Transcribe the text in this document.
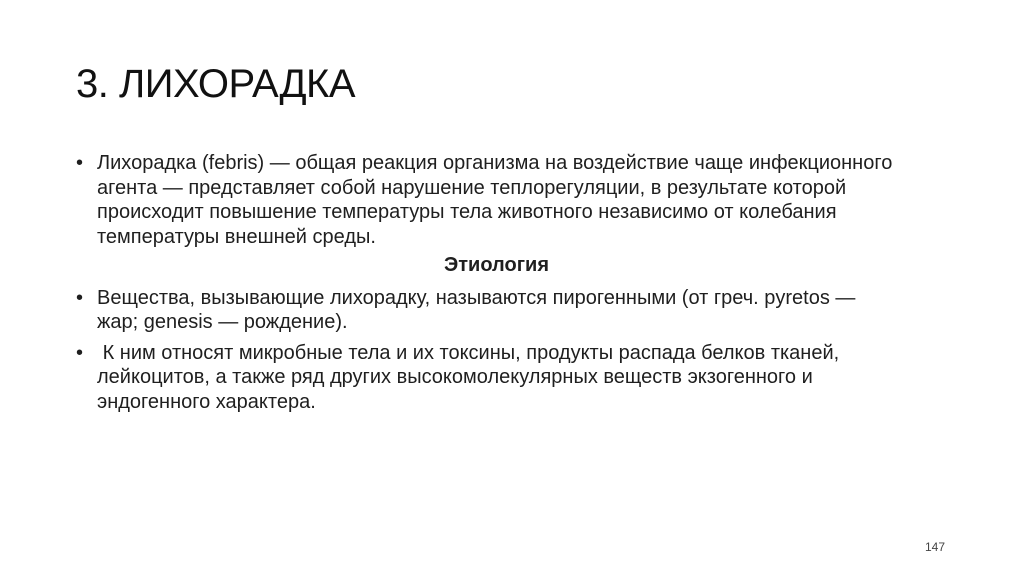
3. ЛИХОРАДКА

• Лихорадка (febris) — общая реакция организма на воздействие чаще инфекционного агента — представляет собой нарушение теплорегуляции, в результате которой происходит повышение температуры тела животного независимо от колебания температуры внешней среды.

Этиология

• Вещества, вызывающие лихорадку, называются пирогенными (от греч. pyretos —жар; genesis — рождение).

• К ним относят микробные тела и их токсины, продукты распада белков тканей, лейкоцитов, а также ряд других высокомолекулярных веществ экзогенного и эндогенного характера.

147
